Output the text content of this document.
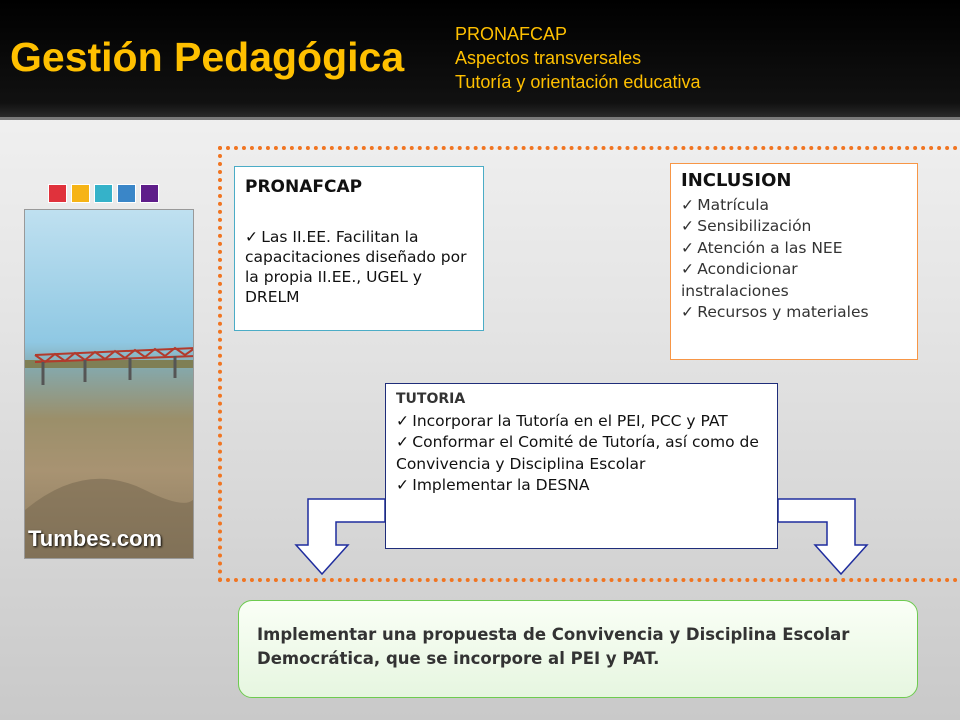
Gestión Pedagógica	PRONAFCAP
Aspectos transversales
Tutoría y orientación educativa
Tumbes.com
PRONAFCAP
✓ Las II.EE. Facilitan la capacitaciones diseñado por la propia II.EE., UGEL y DRELM
INCLUSION
✓ Matrícula
✓ Sensibilización
✓ Atención a las NEE
✓ Acondicionar instralaciones
✓ Recursos y materiales
TUTORIA
✓ Incorporar la Tutoría en el PEI, PCC y PAT
✓ Conformar el Comité de Tutoría, así como de Convivencia y Disciplina Escolar
✓ Implementar la DESNA
Implementar una propuesta de Convivencia y Disciplina Escolar Democrática, que se incorpore al PEI y PAT.
